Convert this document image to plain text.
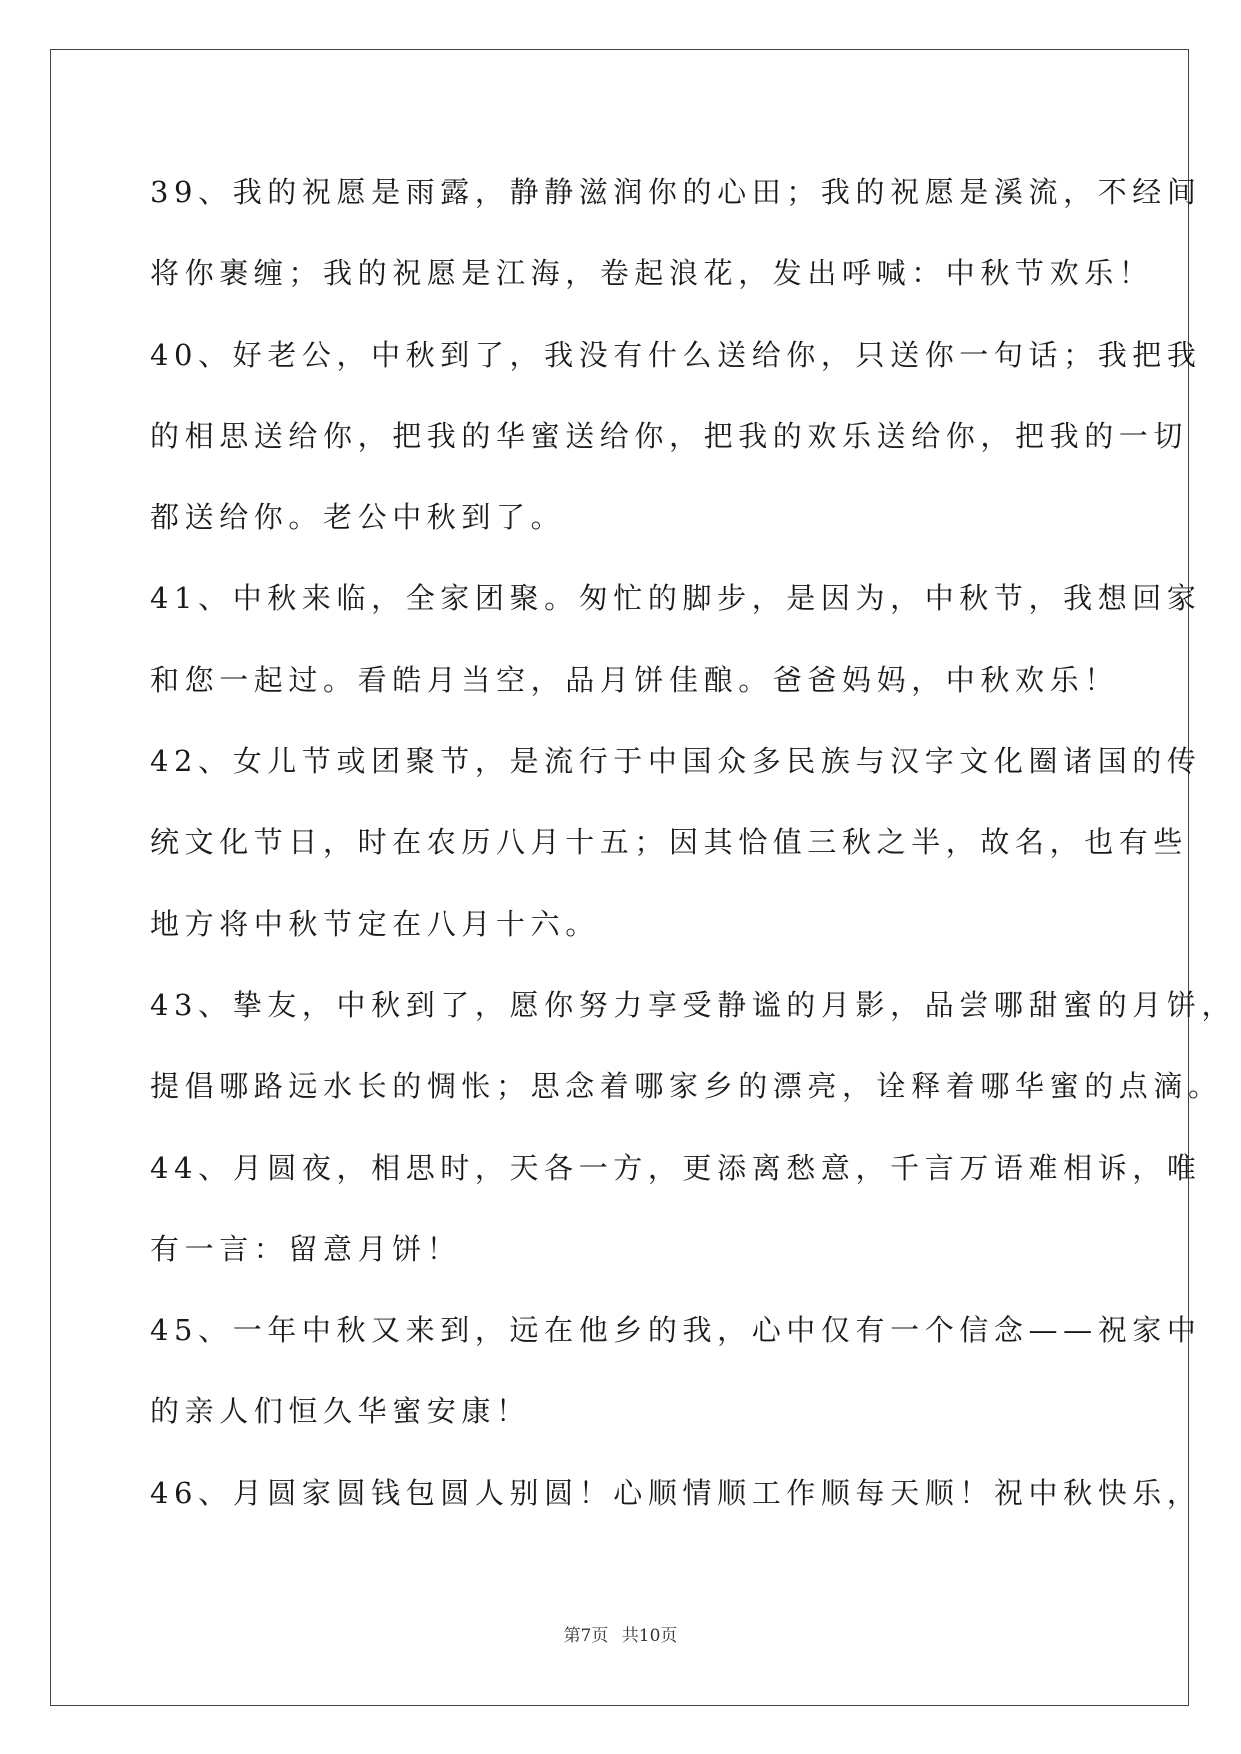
39、我的祝愿是雨露，静静滋润你的心田；我的祝愿是溪流，不经间
将你裹缠；我的祝愿是江海，卷起浪花，发出呼喊：中秋节欢乐！
40、好老公，中秋到了，我没有什么送给你，只送你一句话；我把我
的相思送给你，把我的华蜜送给你，把我的欢乐送给你，把我的一切
都送给你。老公中秋到了。
41、中秋来临，全家团聚。匆忙的脚步，是因为，中秋节，我想回家
和您一起过。看皓月当空，品月饼佳酿。爸爸妈妈，中秋欢乐！
42、女儿节或团聚节，是流行于中国众多民族与汉字文化圈诸国的传
统文化节日，时在农历八月十五；因其恰值三秋之半，故名，也有些
地方将中秋节定在八月十六。
43、挚友，中秋到了，愿你努力享受静谧的月影，品尝哪甜蜜的月饼，
提倡哪路远水长的惆怅；思念着哪家乡的漂亮，诠释着哪华蜜的点滴。
44、月圆夜，相思时，天各一方，更添离愁意，千言万语难相诉，唯
有一言：留意月饼！
45、一年中秋又来到，远在他乡的我，心中仅有一个信念——祝家中
的亲人们恒久华蜜安康！
46、月圆家圆钱包圆人别圆！心顺情顺工作顺每天顺！祝中秋快乐，
第7页 共10页
